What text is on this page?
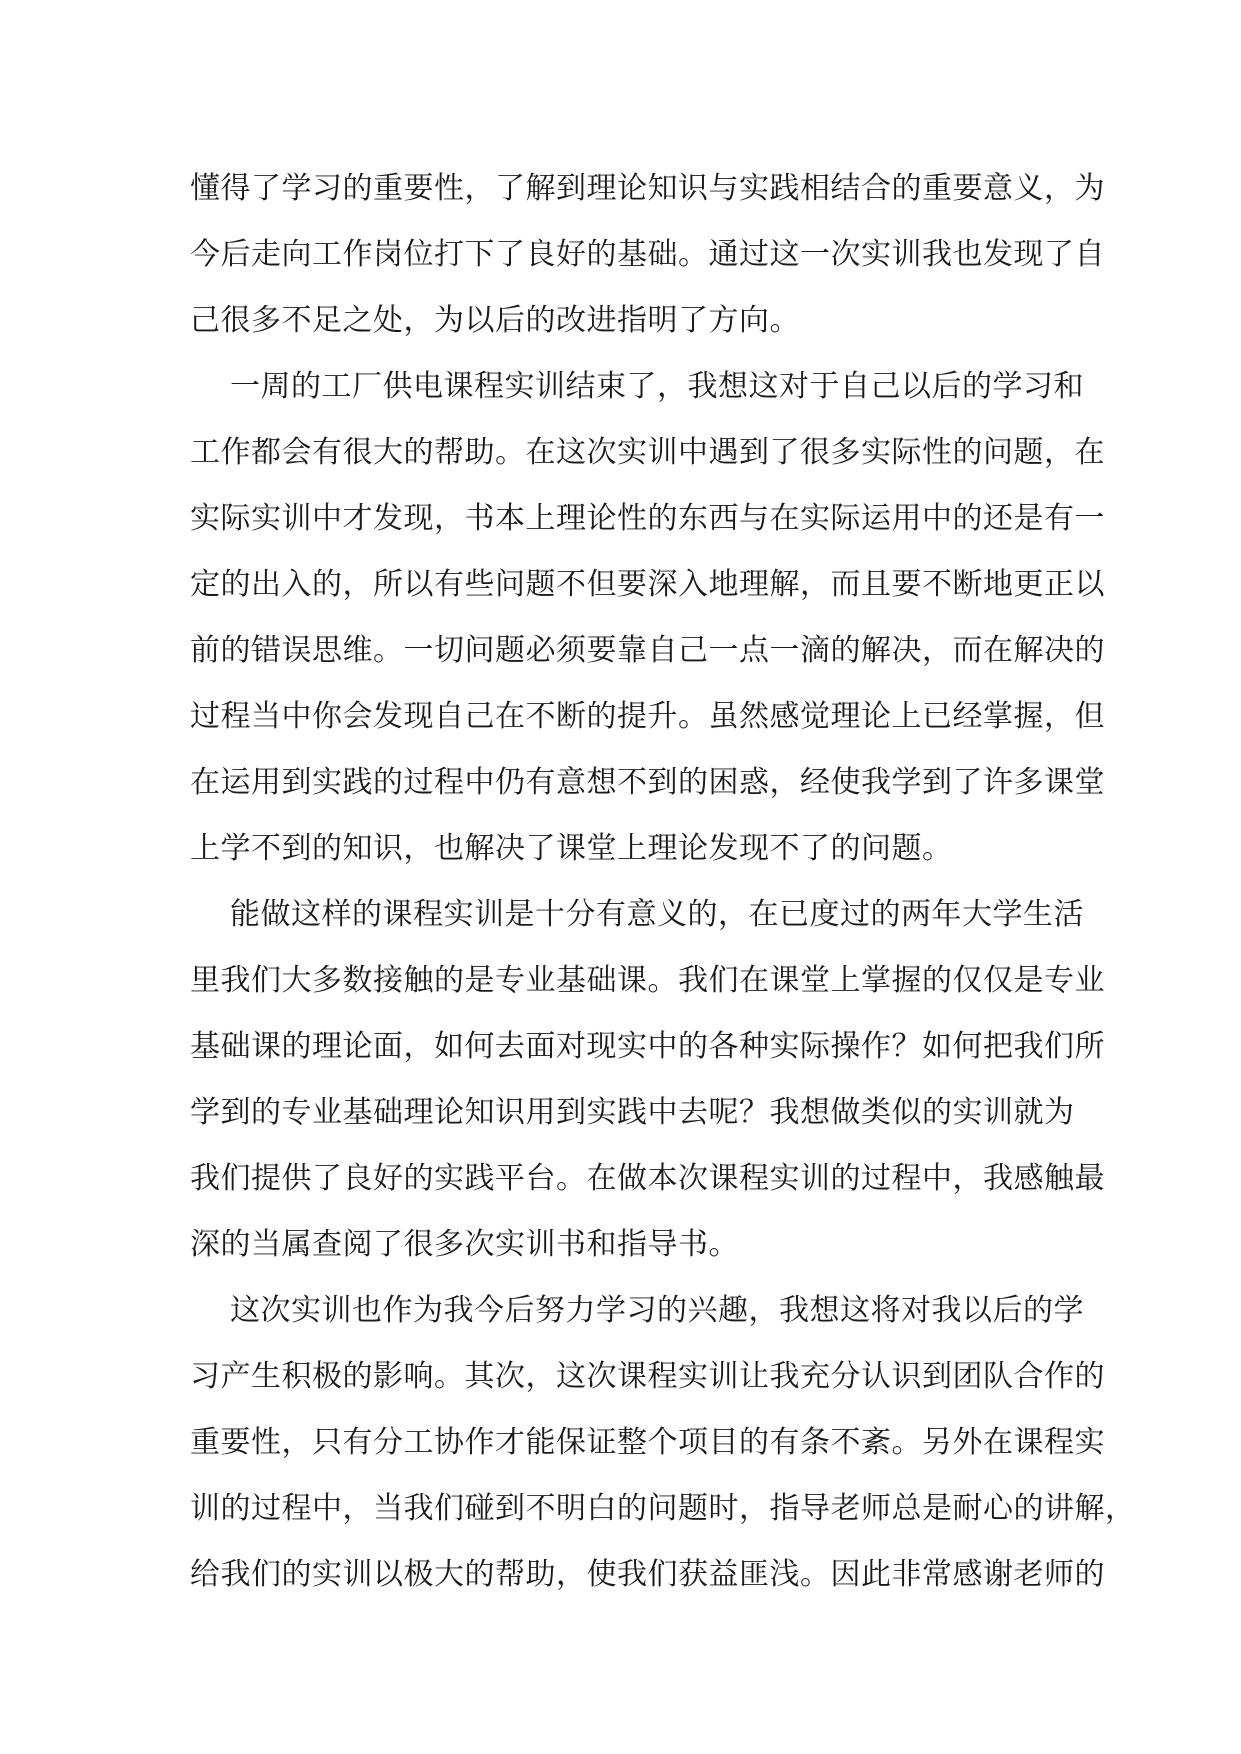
懂得了学习的重要性，了解到理论知识与实践相结合的重要意义，为
今后走向工作岗位打下了良好的基础。通过这一次实训我也发现了自
己很多不足之处，为以后的改进指明了方向。
一周的工厂供电课程实训结束了，我想这对于自己以后的学习和
工作都会有很大的帮助。在这次实训中遇到了很多实际性的问题，在
实际实训中才发现，书本上理论性的东西与在实际运用中的还是有一
定的出入的，所以有些问题不但要深入地理解，而且要不断地更正以
前的错误思维。一切问题必须要靠自己一点一滴的解决，而在解决的
过程当中你会发现自己在不断的提升。虽然感觉理论上已经掌握，但
在运用到实践的过程中仍有意想不到的困惑，经使我学到了许多课堂
上学不到的知识，也解决了课堂上理论发现不了的问题。
能做这样的课程实训是十分有意义的，在已度过的两年大学生活
里我们大多数接触的是专业基础课。我们在课堂上掌握的仅仅是专业
基础课的理论面，如何去面对现实中的各种实际操作？如何把我们所
学到的专业基础理论知识用到实践中去呢？我想做类似的实训就为
我们提供了良好的实践平台。在做本次课程实训的过程中，我感触最
深的当属查阅了很多次实训书和指导书。
这次实训也作为我今后努力学习的兴趣，我想这将对我以后的学
习产生积极的影响。其次，这次课程实训让我充分认识到团队合作的
重要性，只有分工协作才能保证整个项目的有条不紊。另外在课程实
训的过程中，当我们碰到不明白的问题时，指导老师总是耐心的讲解，
给我们的实训以极大的帮助，使我们获益匪浅。因此非常感谢老师的
